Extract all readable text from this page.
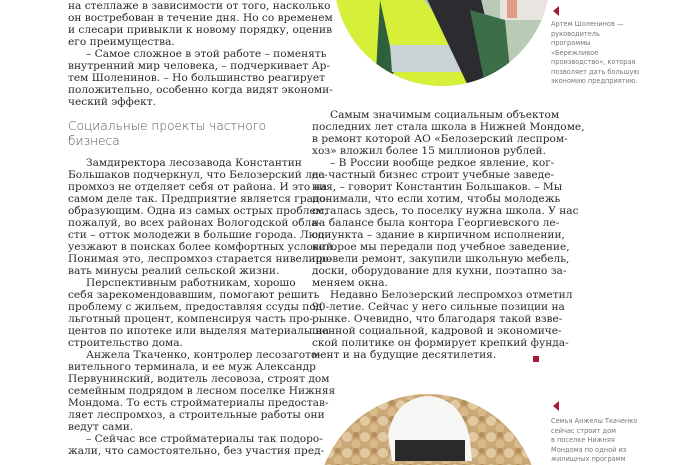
на стеллаже в зависимости от того, насколько
он востребован в течение дня. Но со временем
и слесари привыкли к новому порядку, оценив
его преимущества.
– Самое сложное в этой работе – поменять
внутренний мир человека, – подчеркивает Ар-
тем Шоленинов. – Но большинство реагирует
положительно, особенно когда видят экономи-
ческий эффект.
Социальные проекты частного
бизнеса
Замдиректора лесозавода Константин
Большаков подчеркнул, что Белозерский лес-
промхоз не отделяет себя от района. И это на
самом деле так. Предприятие является градо-
образующим. Одна из самых острых проблем,
пожалуй, во всех районах Вологодской обла-
сти – отток молодежи в большие города. Люди
уезжают в поисках более комфортных условий.
Понимая это, леспромхоз старается нивелиро-
вать минусы реалий сельской жизни.
Перспективным работникам, хорошо
себя зарекомендовавшим, помогают решить
проблему с жильем, предоставляя ссуды под
льготный процент, компенсируя часть про-
центов по ипотеке или выделяя материалы на
строительство дома.
Анжела Ткаченко, контролер лесозагото-
вительного терминала, и ее муж Александр
Первунинский, водитель лесовоза, строят дом
семейным подрядом в лесном поселке Нижняя
Мондома. То есть стройматериалы предостав-
ляет леспромхоз, а строительные работы они
ведут сами.
– Сейчас все стройматериалы так подоро-
жали, что самостоятельно, без участия пред-
Самым значимым социальным объектом
последних лет стала школа в Нижней Мондоме,
в ремонт которой АО «Белозерский леспром-
хоз» вложил более 15 миллионов рублей.
– В России вообще редкое явление, ког-
да частный бизнес строит учебные заведе-
ния, – говорит Константин Большаков. – Мы
понимали, что если хотим, чтобы молодежь
осталась здесь, то поселку нужна школа. У нас
на балансе была контора Георгиевского ле-
сопункта – здание в кирпичном исполнении,
которое мы передали под учебное заведение,
провели ремонт, закупили школьную мебель,
доски, оборудование для кухни, поэтапно за-
меняем окна.
Недавно Белозерский леспромхоз отметил
90-летие. Сейчас у него сильные позиции на
рынке. Очевидно, что благодаря такой взве-
шенной социальной, кадровой и экономиче-
ской политике он формирует крепкий фунда-
мент и на будущие десятилетия.
Артем Шоленинов —
руководитель
программы
«Бережливое
производство», которая
позволяет дать большую
экономию предприятию.
Семья Анжелы Ткаченко
сейчас строит дом
в поселке Нижняя
Мондома по одной из
жилищных программ
